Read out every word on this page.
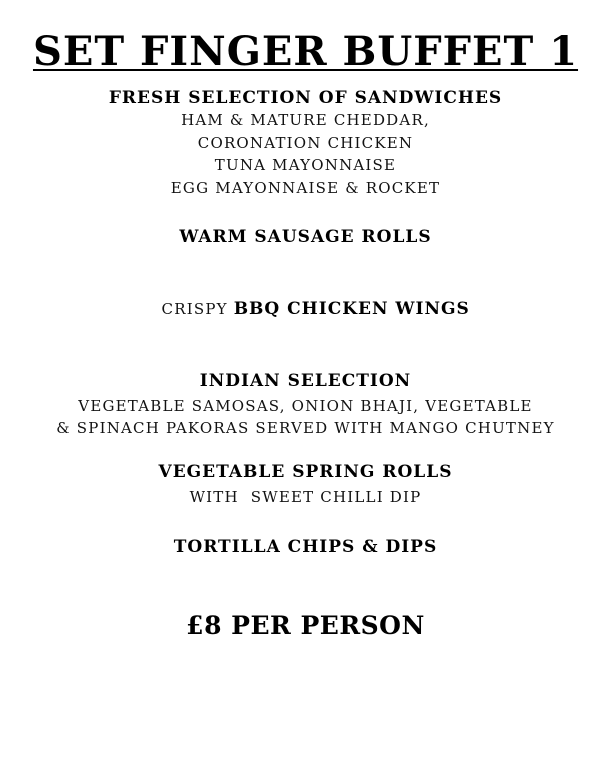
SET FINGER BUFFET 1
FRESH SELECTION OF SANDWICHES
HAM & MATURE CHEDDAR,
CORONATION CHICKEN
TUNA MAYONNAISE
EGG MAYONNAISE & ROCKET
WARM SAUSAGE ROLLS

CRISPY BBQ CHICKEN WINGS

INDIAN SELECTION
VEGETABLE SAMOSAS, ONION BHAJI, VEGETABLE
& SPINACH PAKORAS SERVED WITH MANGO CHUTNEY
VEGETABLE SPRING ROLLS
WITH  SWEET CHILLI DIP
TORTILLA CHIPS & DIPS
£8 PER PERSON
